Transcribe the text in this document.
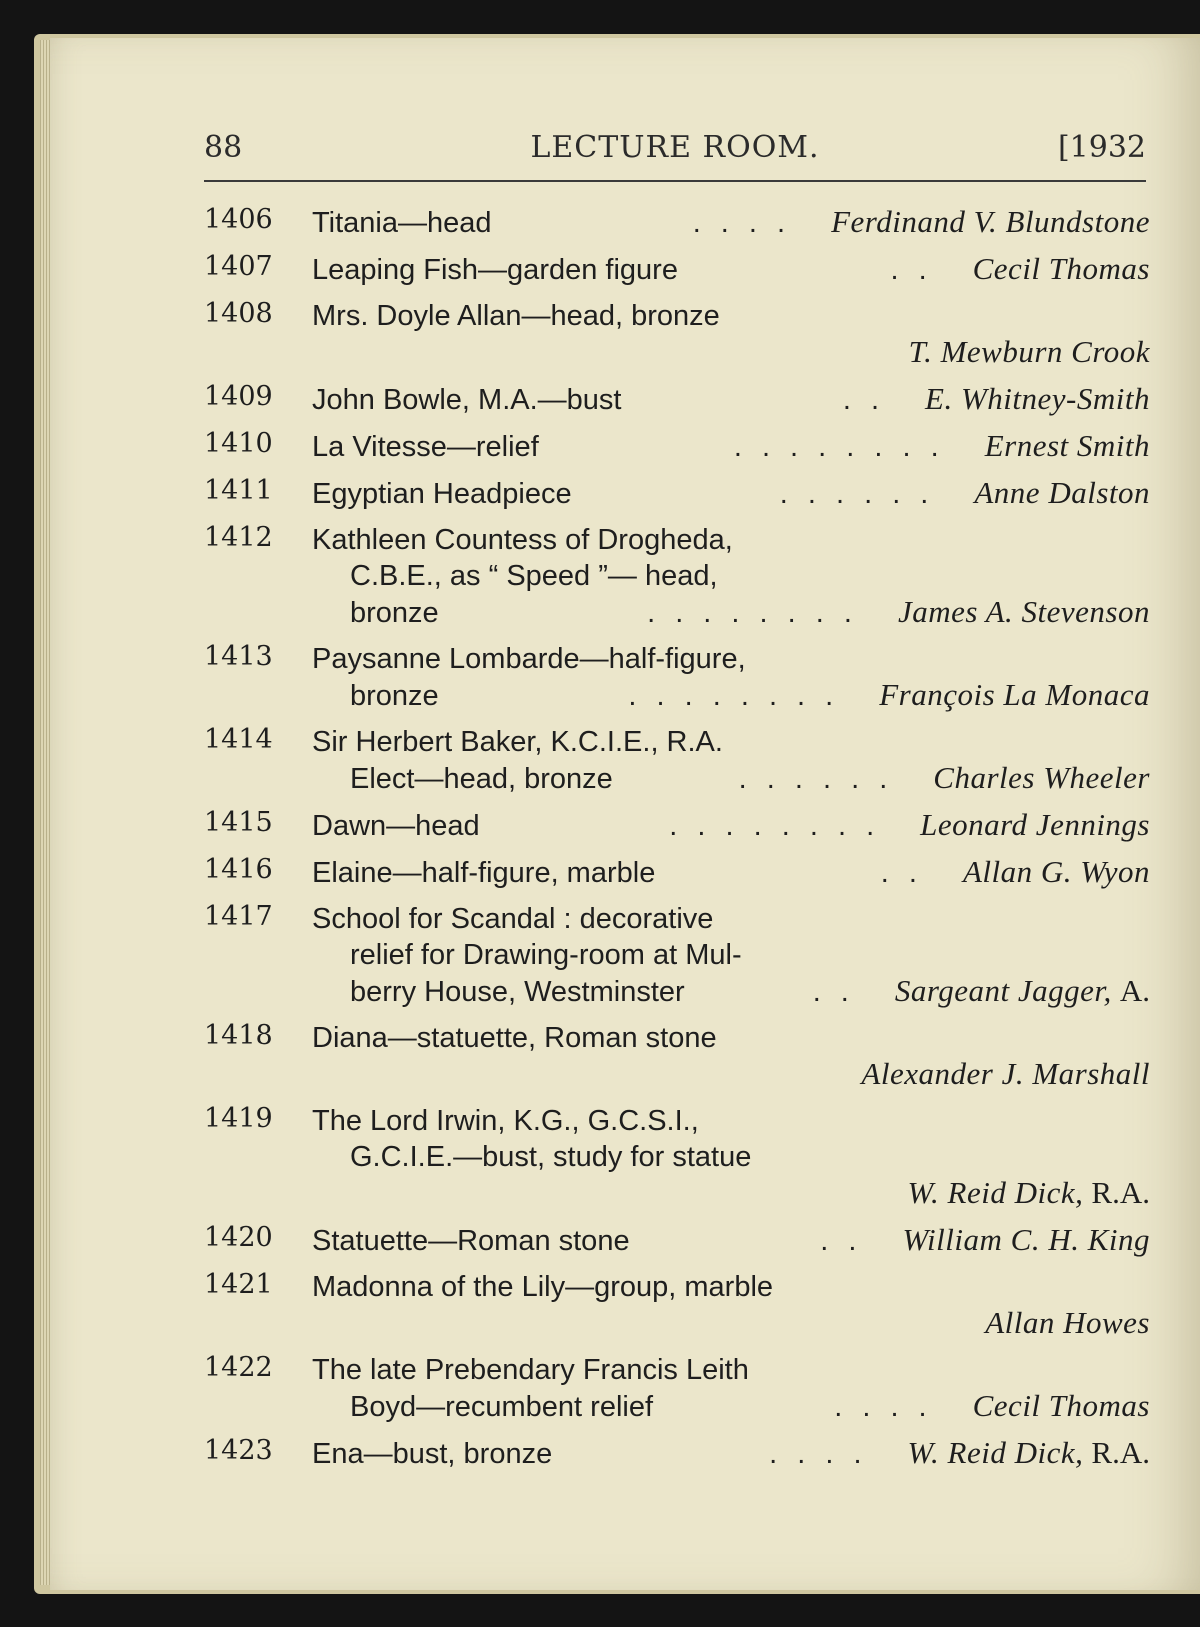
88	LECTURE ROOM.	[1932
1406	Titania—head	. . . .	Ferdinand V. Blundstone
1407	Leaping Fish—garden figure	. .	Cecil Thomas
1408	Mrs. Doyle Allan—head, bronze
T. Mewburn Crook
1409	John Bowle, M.A.—bust	. .	E. Whitney-Smith
1410	La Vitesse—relief	. . . . . . . .	Ernest Smith
1411	Egyptian Headpiece	. . . . . .	Anne Dalston
1412	Kathleen Countess of Drogheda,
C.B.E., as “ Speed ”— head,
bronze	. . . . . . . .	James A. Stevenson
1413	Paysanne Lombarde—half-figure,
bronze	. . . . . . . .	François La Monaca
1414	Sir Herbert Baker, K.C.I.E., R.A.
Elect—head, bronze	. . . . . .	Charles Wheeler
1415	Dawn—head	. . . . . . . .	Leonard Jennings
1416	Elaine—half-figure, marble	. .	Allan G. Wyon
1417	School for Scandal : decorative
relief for Drawing-room at Mul-
berry House, Westminster	. .	Sargeant Jagger, A.
1418	Diana—statuette, Roman stone
Alexander J. Marshall
1419	The Lord Irwin, K.G., G.C.S.I.,
G.C.I.E.—bust, study for statue
W. Reid Dick, R.A.
1420	Statuette—Roman stone	. .	William C. H. King
1421	Madonna of the Lily—group, marble
Allan Howes
1422	The late Prebendary Francis Leith
Boyd—recumbent relief	. . . .	Cecil Thomas
1423	Ena—bust, bronze	. . . .	W. Reid Dick, R.A.
